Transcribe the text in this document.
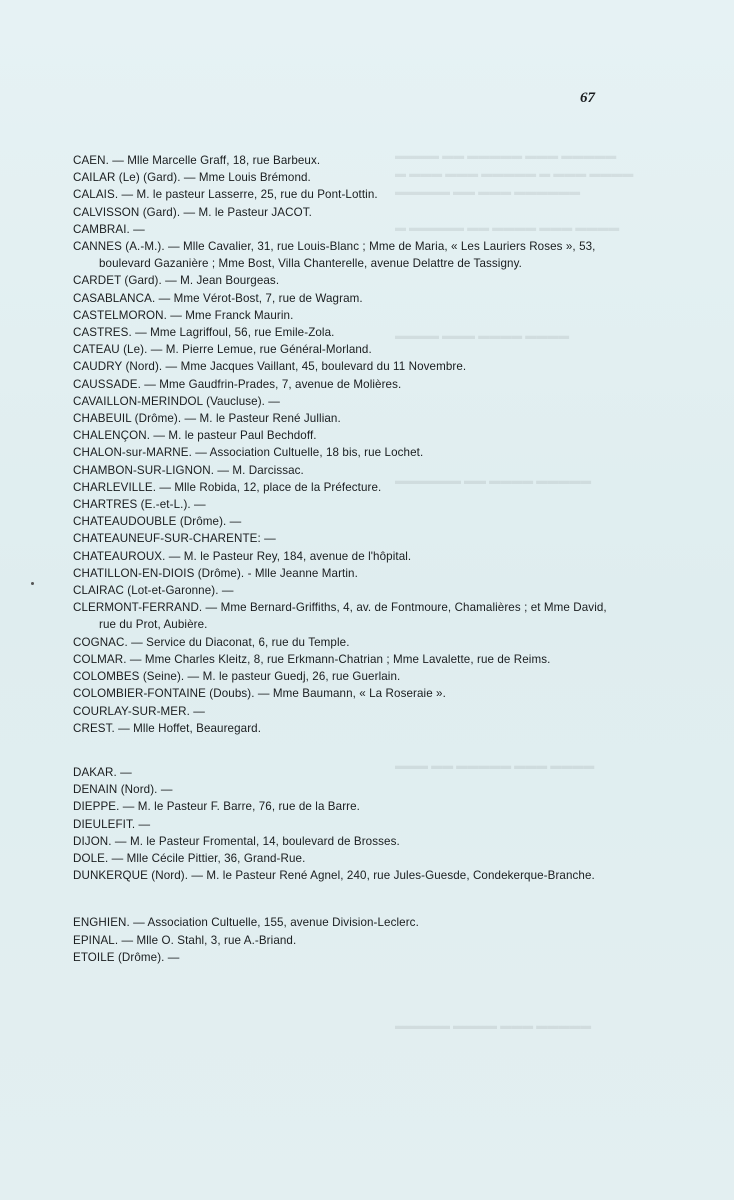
▬▬▬▬▬ ▬▬▬ ▬▬▬▬▬ ▬▬ ▬▬▬▬
▬▬▬▬ ▬▬▬ ▬ ▬▬▬▬▬ ▬▬▬ ▬▬▬ ▬
▬▬▬▬▬▬ ▬▬▬ ▬▬ ▬▬▬▬▬
▬▬▬▬ ▬▬▬ ▬▬▬▬ ▬▬ ▬▬▬▬▬ ▬
▬▬▬▬ ▬▬▬▬ ▬▬▬ ▬▬▬▬
▬▬▬▬▬ ▬▬▬▬ ▬▬ ▬▬▬▬▬▬
▬▬▬▬ ▬▬▬ ▬▬▬▬▬ ▬▬ ▬▬▬
▬▬▬▬▬ ▬▬▬ ▬▬▬▬ ▬▬▬▬▬
67

CAEN. — Mlle Marcelle Graff, 18, rue Barbeux.

CAILAR (Le) (Gard). — Mme Louis Brémond.

CALAIS. — M. le pasteur Lasserre, 25, rue du Pont-Lottin.

CALVISSON (Gard). — M. le Pasteur JACOT.

CAMBRAI. —

CANNES (A.-M.). — Mlle Cavalier, 31, rue Louis-Blanc ; Mme de Maria, « Les Lauriers Roses », 53, boulevard Gazanière ; Mme Bost, Villa Chanterelle, avenue Delattre de Tassigny.

CARDET (Gard). — M. Jean Bourgeas.

CASABLANCA. — Mme Vérot-Bost, 7, rue de Wagram.

CASTELMORON. — Mme Franck Maurin.

CASTRES. — Mme Lagriffoul, 56, rue Emile-Zola.

CATEAU (Le). — M. Pierre Lemue, rue Général-Morland.

CAUDRY (Nord). — Mme Jacques Vaillant, 45, boulevard du 11 Novembre.

CAUSSADE. — Mme Gaudfrin-Prades, 7, avenue de Molières.

CAVAILLON-MERINDOL (Vaucluse). —

CHABEUIL (Drôme). — M. le Pasteur René Jullian.

CHALENÇON. — M. le pasteur Paul Bechdoff.

CHALON-sur-MARNE. — Association Cultuelle, 18 bis, rue Lochet.

CHAMBON-SUR-LIGNON. — M. Darcissac.

CHARLEVILLE. — Mlle Robida, 12, place de la Préfecture.

CHARTRES (E.-et-L.). —

CHATEAUDOUBLE (Drôme). —

CHATEAUNEUF-SUR-CHARENTE: —

CHATEAUROUX. — M. le Pasteur Rey, 184, avenue de l'hôpital.

CHATILLON-EN-DIOIS (Drôme). - Mlle Jeanne Martin.

CLAIRAC (Lot-et-Garonne). —

CLERMONT-FERRAND. — Mme Bernard-Griffiths, 4, av. de Fontmoure, Chamalières ; et Mme David, rue du Prot, Aubière.

COGNAC. — Service du Diaconat, 6, rue du Temple.

COLMAR. — Mme Charles Kleitz, 8, rue Erkmann-Chatrian ; Mme Lavalette, rue de Reims.

COLOMBES (Seine). — M. le pasteur Guedj, 26, rue Guerlain.

COLOMBIER-FONTAINE (Doubs). — Mme Baumann, « La Roseraie ».

COURLAY-SUR-MER. —

CREST. — Mlle Hoffet, Beauregard.

DAKAR. —

DENAIN (Nord). —

DIEPPE. — M. le Pasteur F. Barre, 76, rue de la Barre.

DIEULEFIT. —

DIJON. — M. le Pasteur Fromental, 14, boulevard de Brosses.

DOLE. — Mlle Cécile Pittier, 36, Grand-Rue.

DUNKERQUE (Nord). — M. le Pasteur René Agnel, 240, rue Jules-Guesde, Condekerque-Branche.

ENGHIEN. — Association Cultuelle, 155, avenue Division-Leclerc.

EPINAL. — Mlle O. Stahl, 3, rue A.-Briand.

ETOILE (Drôme). —
